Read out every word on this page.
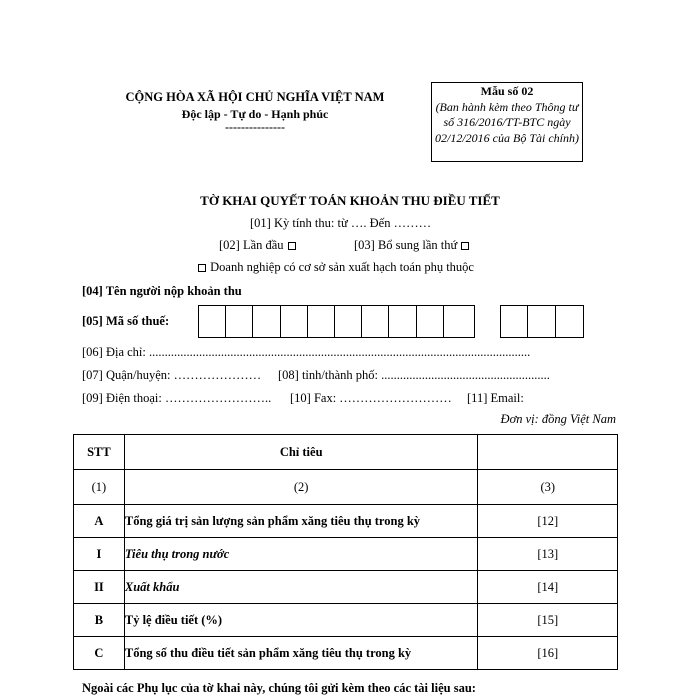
CỘNG HÒA XÃ HỘI CHỦ NGHĨA VIỆT NAM
Độc lập - Tự do - Hạnh phúc
---------------
Mẫu số 02
(Ban hành kèm theo Thông tư số 316/2016/TT-BTC ngày 02/12/2016 của Bộ Tài chính)
TỜ KHAI QUYẾT TOÁN KHOẢN THU ĐIỀU TIẾT
[01] Kỳ tính thu: từ …. Đến ………
[02] Lần đầu	[03] Bổ sung lần thứ
Doanh nghiệp có cơ sở sản xuất hạch toán phụ thuộc
[04] Tên người nộp khoản thu
[05] Mã số thuế:
[06] Địa chỉ: ..........................................................................................................................
[07] Quận/huyện: ………………… [08] tỉnh/thành phố: ......................................................
[09] Điện thoại: …………………….. [10] Fax: ……………………… [11] Email:
Đơn vị: đồng Việt Nam
STT	Chỉ tiêu	
(1)	(2)	(3)
A	Tổng giá trị sản lượng sản phẩm xăng tiêu thụ trong kỳ	[12]
I	Tiêu thụ trong nước	[13]
II	Xuất khẩu	[14]
B	Tỷ lệ điều tiết (%)	[15]
C	Tổng số thu điều tiết sản phẩm xăng tiêu thụ trong kỳ	[16]
Ngoài các Phụ lục của tờ khai này, chúng tôi gửi kèm theo các tài liệu sau:
